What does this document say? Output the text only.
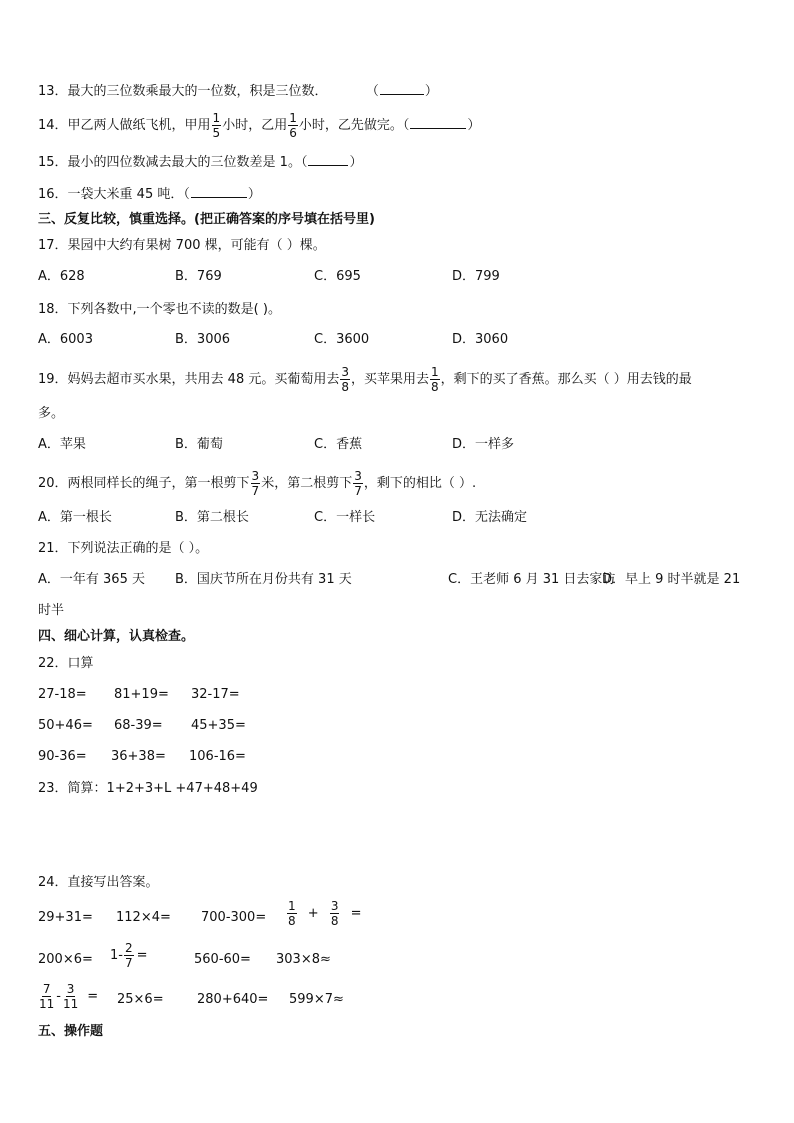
13．最大的三位数乘最大的一位数，积是三位数．	（	）
14．甲乙两人做纸飞机，甲用 $\frac{1}{5}$ 小时，乙用 $\frac{1}{6}$ 小时，乙先做完。（	）
15．最小的四位数减去最大的三位数差是 1。（	）
16．一袋大米重 45 吨．（	）
三、反复比较，慎重选择。(把正确答案的序号填在括号里)
17．果园中大约有果树 700 棵，可能有（ ）棵。
A．628	B．769	C．695	D．799
18．下列各数中,一个零也不读的数是( )。
A．6003	B．3006	C．3600	D．3060
19．妈妈去超市买水果，共用去 48 元。买葡萄用去 $\frac{3}{8}$ ，买苹果用去 $\frac{1}{8}$ ，剩下的买了香蕉。那么买（ ）用去钱的最
多。
A．苹果	B．葡萄	C．香蕉	D．一样多
20．两根同样长的绳子，第一根剪下 $\frac{3}{7}$ 米，第二根剪下 $\frac{3}{7}$ ，剩下的相比（ ）.
A．第一根长	B．第二根长	C．一样长	D．无法确定
21．下列说法正确的是（ ）。
A．一年有 365 天 B．国庆节所在月份共有 31 天	C．王老师 6 月 31 日去家访
D．早上 9 时半就是 21
时半
四、细心计算，认真检查。
22．口算
27-18= 81+19= 32-17=
50+46= 68-39= 45+35=
90-36= 36+38= 106-16=
23．简算：1+2+3+L +47+48+49
24．直接写出答案。
$29+31= 112\times 4= 700-300= \frac{1}{8} + \frac{3}{8}$ =
$200\times 6= 1- \frac{2}{7}$ =	560-60= 303×8≈
$\frac{7}{11} - \frac{3}{11} = 25\times 6=$	280+640= 599×7≈
五、操作题
